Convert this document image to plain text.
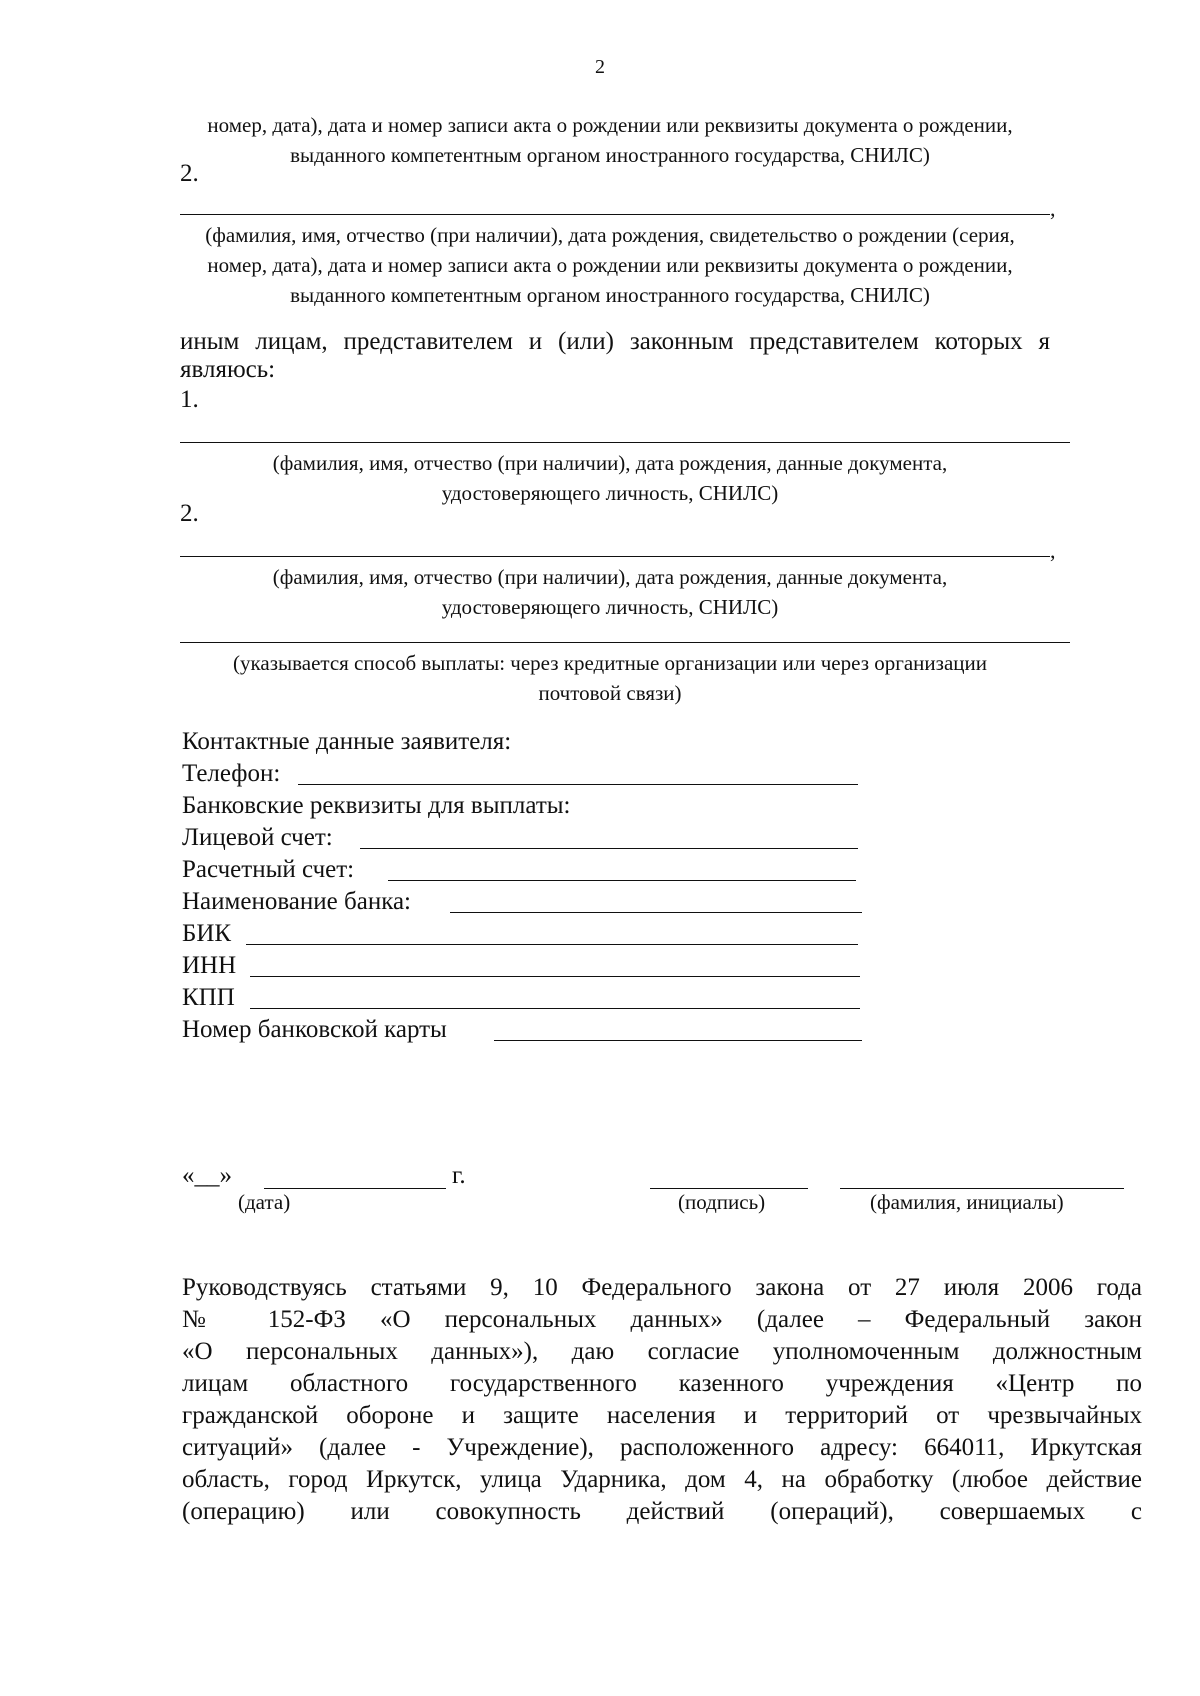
2
номер, дата), дата и номер записи акта о рождении или реквизиты документа о рождении,
выданного компетентным органом иностранного государства, СНИЛС)
2.
,
(фамилия, имя, отчество (при наличии), дата рождения, свидетельство о рождении (серия,
номер, дата), дата и номер записи акта о рождении или реквизиты документа о рождении,
выданного компетентным органом иностранного государства, СНИЛС)
иным лицам, представителем и (или) законным представителем которых я
являюсь:
1.
(фамилия, имя, отчество (при наличии), дата рождения, данные документа,
удостоверяющего личность, СНИЛС)
2.
,
(фамилия, имя, отчество (при наличии), дата рождения, данные документа,
удостоверяющего личность, СНИЛС)
(указывается способ выплаты: через кредитные организации или через организации
почтовой связи)
Контактные данные заявителя:
Телефон:
Банковские реквизиты для выплаты:
Лицевой счет:
Расчетный счет:
Наименование банка:
БИК
ИНН
КПП
Номер банковской карты
«__»	г.
(дата)	(подпись)	(фамилия, инициалы)
Руководствуясь статьями 9, 10 Федерального закона от 27 июля 2006 года
№ 152-ФЗ «О персональных данных» (далее – Федеральный закон
«О персональных данных»), даю согласие уполномоченным должностным
лицам областного государственного казенного учреждения «Центр по
гражданской обороне и защите населения и территорий от чрезвычайных
ситуаций» (далее - Учреждение), расположенного адресу: 664011, Иркутская
область, город Иркутск, улица Ударника, дом 4, на обработку (любое действие
(операцию) или совокупность действий (операций), совершаемых с
